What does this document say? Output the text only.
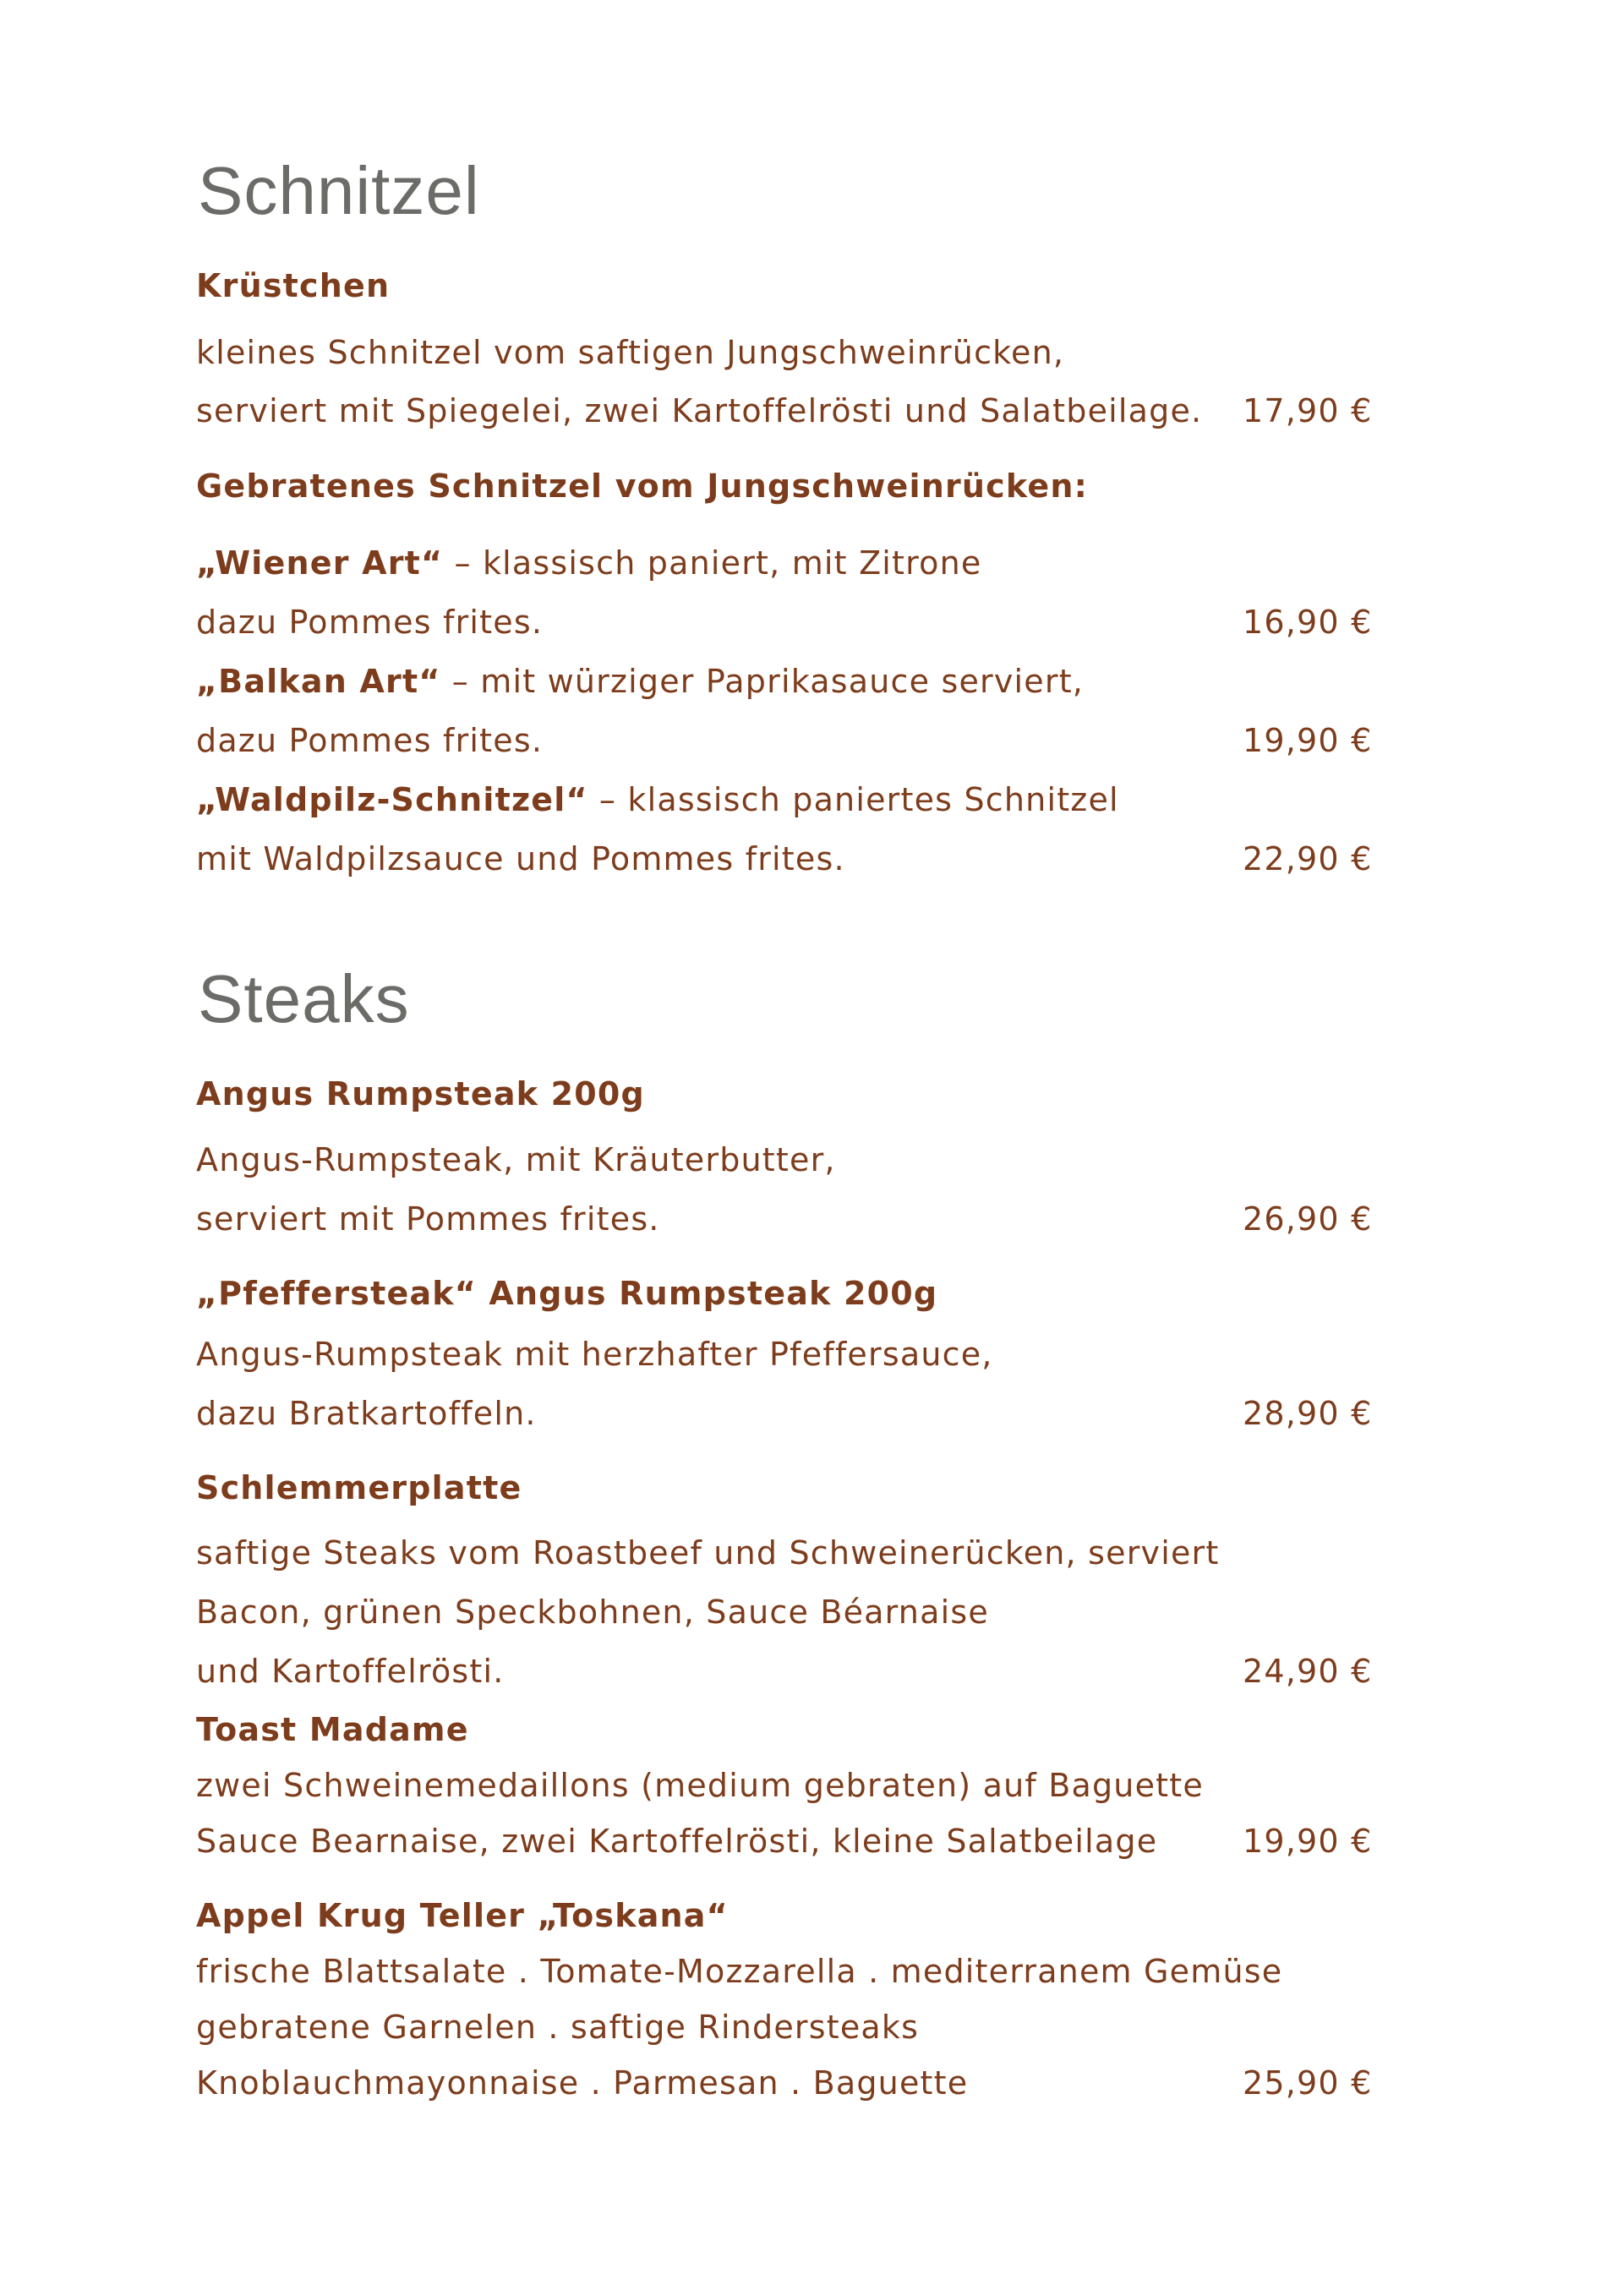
Schnitzel
Krüstchen
kleines Schnitzel vom saftigen Jungschweinrücken,
serviert mit Spiegelei, zwei Kartoffelrösti und Salatbeilage. 17,90 €
Gebratenes Schnitzel vom Jungschweinrücken:
„Wiener Art“ – klassisch paniert, mit Zitrone
dazu Pommes frites.	16,90 €
„Balkan Art“ – mit würziger Paprikasauce serviert,
dazu Pommes frites.	19,90 €
„Waldpilz-Schnitzel“ – klassisch paniertes Schnitzel
mit Waldpilzsauce und Pommes frites.	22,90 €
Steaks
Angus Rumpsteak 200g
Angus-Rumpsteak, mit Kräuterbutter,
serviert mit Pommes frites.	26,90 €
„Pfeffersteak“ Angus Rumpsteak 200g
Angus-Rumpsteak mit herzhafter Pfeffersauce,
dazu Bratkartoffeln.	28,90 €
Schlemmerplatte
saftige Steaks vom Roastbeef und Schweinerücken, serviert
Bacon, grünen Speckbohnen, Sauce Béarnaise
und Kartoffelrösti.	24,90 €
Toast Madame
zwei Schweinemedaillons (medium gebraten) auf Baguette
Sauce Bearnaise, zwei Kartoffelrösti, kleine Salatbeilage	19,90 €
Appel Krug Teller „Toskana“
frische Blattsalate . Tomate-Mozzarella . mediterranem Gemüse
gebratene Garnelen . saftige Rindersteaks
Knoblauchmayonnaise . Parmesan . Baguette	25,90 €
